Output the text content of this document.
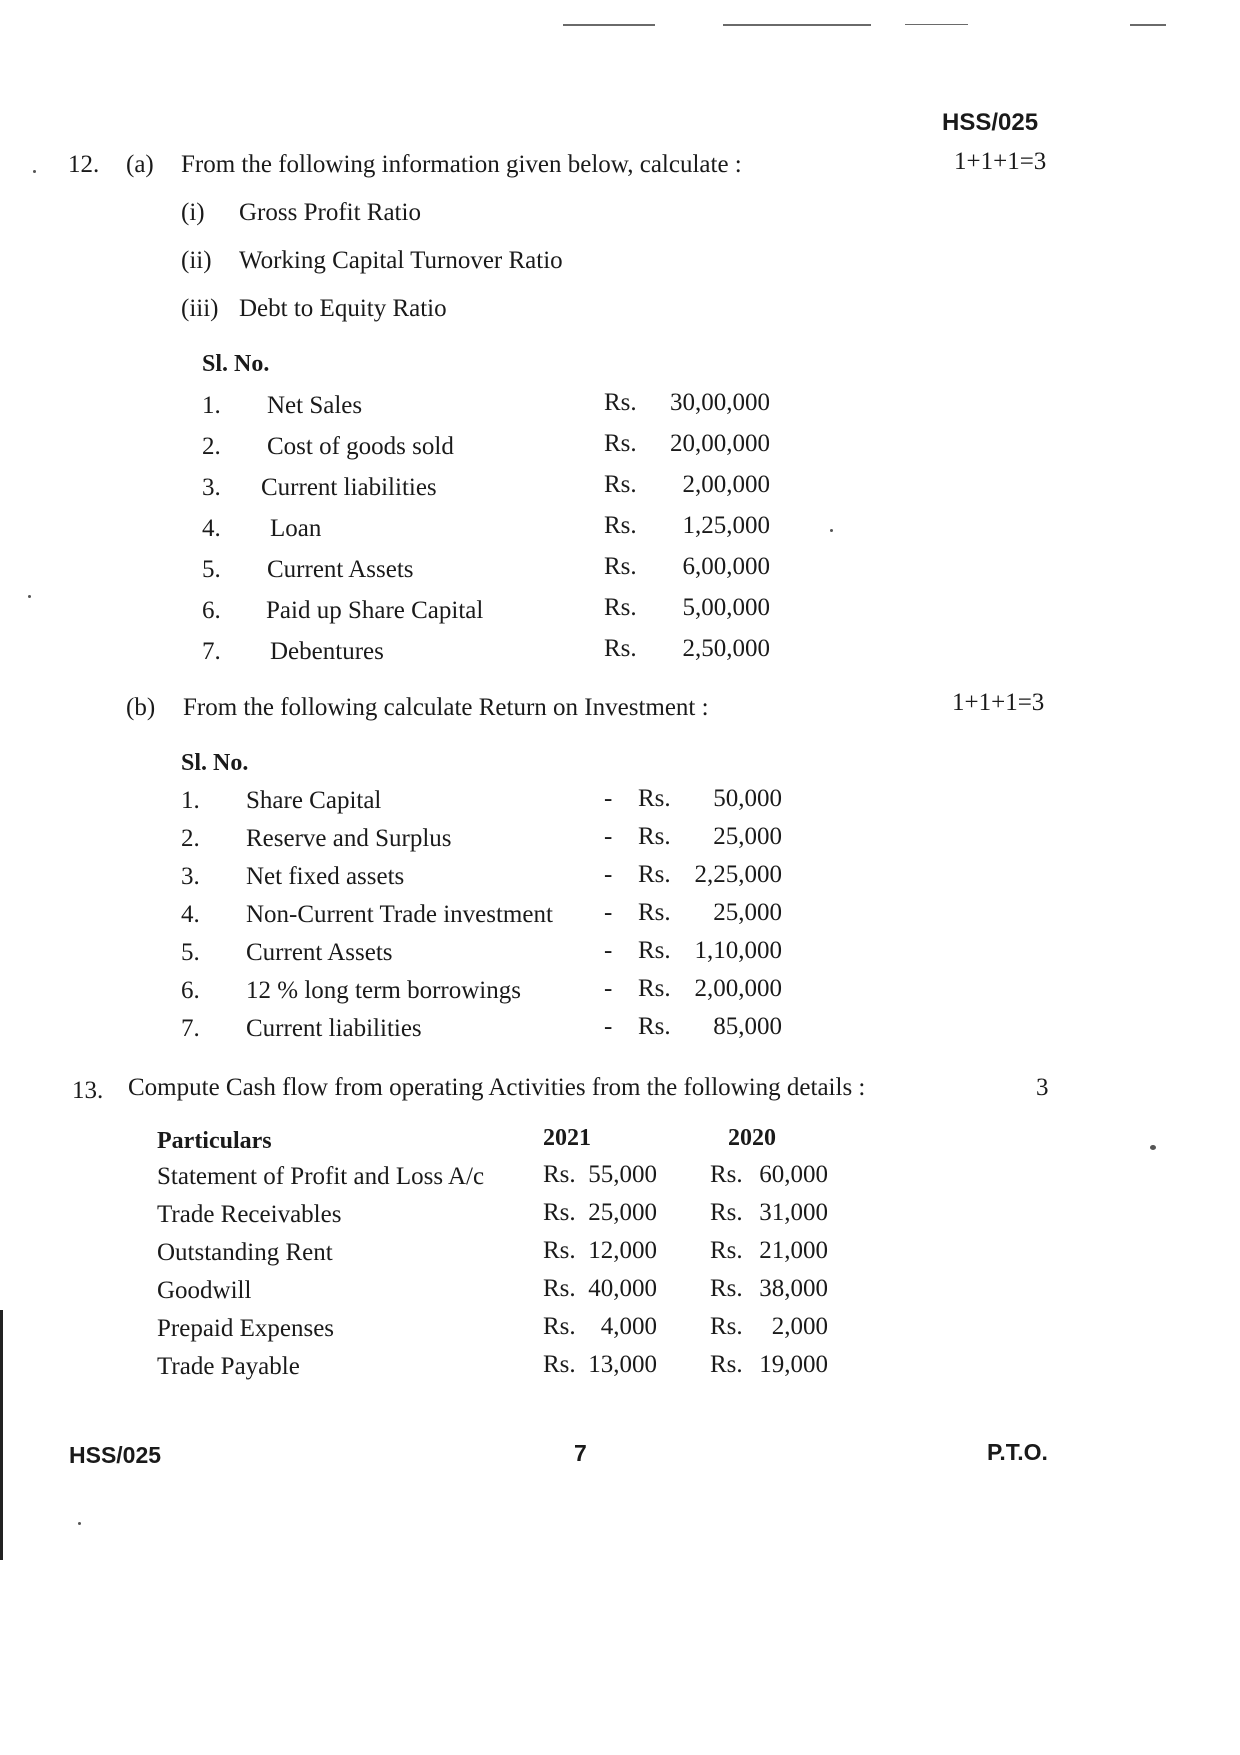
HSS/025
12. (a) From the following information given below, calculate :	1+1+1=3
(i) Gross Profit Ratio
(ii) Working Capital Turnover Ratio
(iii) Debt to Equity Ratio
Sl. No.
1. Net Sales	Rs.	30,00,000
2. Cost of goods sold	Rs.	20,00,000
3. Current liabilities	Rs.	2,00,000
4. Loan	Rs.	1,25,000
5. Current Assets	Rs.	6,00,000
6. Paid up Share Capital	Rs.	5,00,000
7. Debentures	Rs.	2,50,000
(b) From the following calculate Return on Investment :	1+1+1=3
Sl. No.
1. Share Capital	- Rs.	50,000
2. Reserve and Surplus	- Rs.	25,000
3. Net fixed assets	- Rs. 2,25,000
4. Non-Current Trade investment - Rs.	25,000
5. Current Assets	- Rs. 1,10,000
6. 12 % long term borrowings	- Rs. 2,00,000
7. Current liabilities	- Rs.	85,000
13. Compute Cash flow from operating Activities from the following details :	3
Particulars	2021	2020
Statement of Profit and Loss A/c Rs. 55,000 Rs. 60,000
Trade Receivables	Rs. 25,000 Rs. 31,000
Outstanding Rent	Rs. 12,000 Rs. 21,000
Goodwill	Rs. 40,000 Rs. 38,000
Prepaid Expenses	Rs.	4,000 Rs.	2,000
Trade Payable	Rs. 13,000 Rs. 19,000
HSS/025	7	P.T.O.
